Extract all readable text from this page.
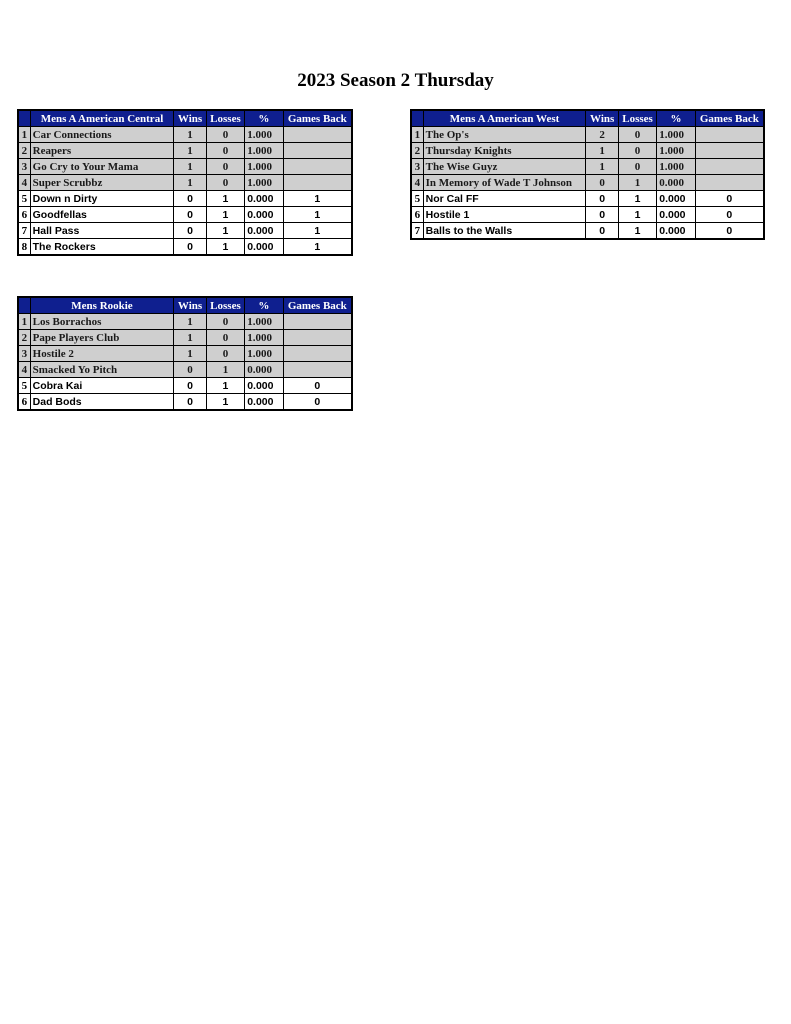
2023 Season 2 Thursday
	Mens A American Central	Wins	Losses	%	Games Back
1	Car Connections	1	0	1.000	
2	Reapers	1	0	1.000	
3	Go Cry to Your Mama	1	0	1.000	
4	Super Scrubbz	1	0	1.000	
5	Down n Dirty	0	1	0.000	1
6	Goodfellas	0	1	0.000	1
7	Hall Pass	0	1	0.000	1
8	The Rockers	0	1	0.000	1
	Mens A American West	Wins	Losses	%	Games Back
1	The Op's	2	0	1.000	
2	Thursday Knights	1	0	1.000	
3	The Wise Guyz	1	0	1.000	
4	In Memory of Wade T Johnson	0	1	0.000	
5	Nor Cal FF	0	1	0.000	0
6	Hostile 1	0	1	0.000	0
7	Balls to the Walls	0	1	0.000	0
	Mens Rookie	Wins	Losses	%	Games Back
1	Los Borrachos	1	0	1.000	
2	Pape Players Club	1	0	1.000	
3	Hostile 2	1	0	1.000	
4	Smacked Yo Pitch	0	1	0.000	
5	Cobra Kai	0	1	0.000	0
6	Dad Bods	0	1	0.000	0
